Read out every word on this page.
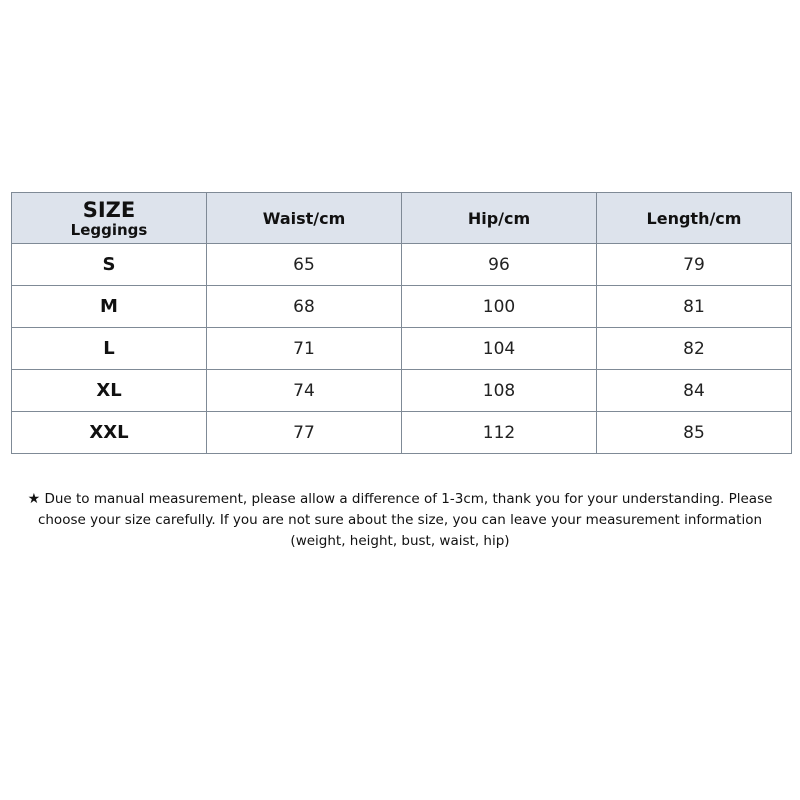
SIZE
Leggings	Waist/cm	Hip/cm	Length/cm
S	65	96	79
M	68	100	81
L	71	104	82
XL	74	108	84
XXL	77	112	85
★ Due to manual measurement, please allow a difference of 1-3cm, thank you for your understanding. Please
choose your size carefully. If you are not sure about the size, you can leave your measurement information
(weight, height, bust, waist, hip)
